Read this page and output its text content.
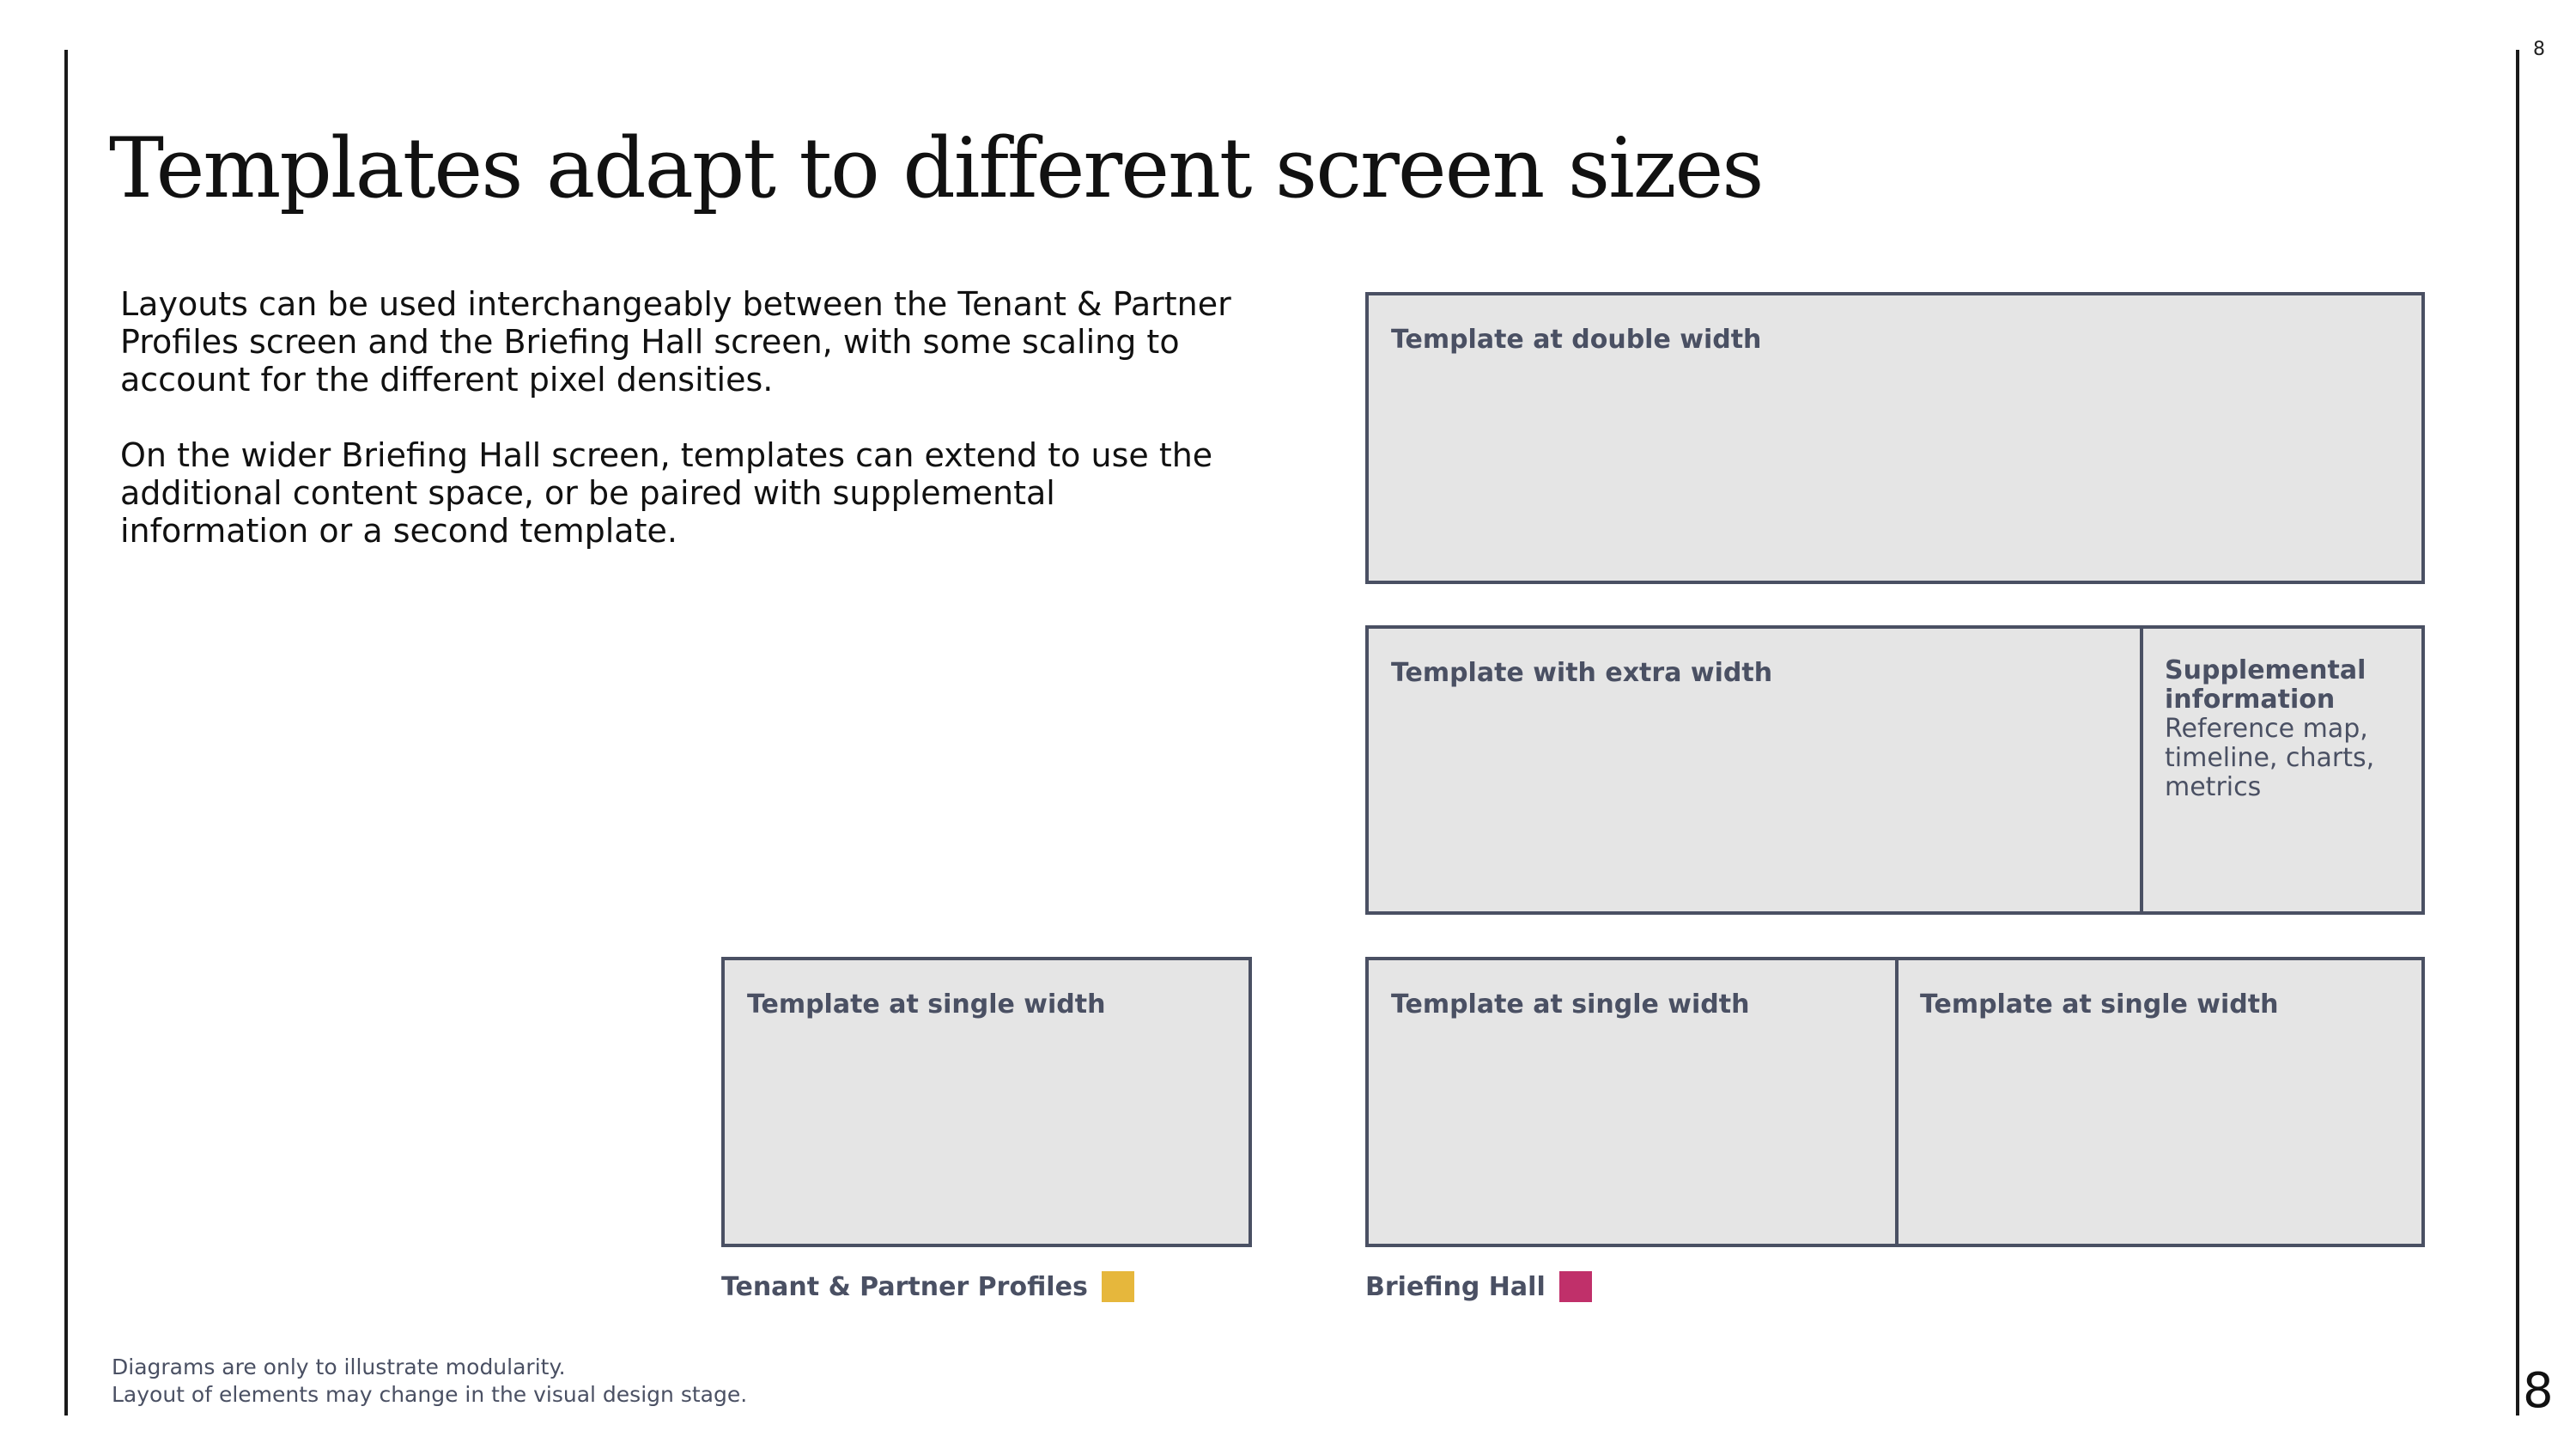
8
8
Templates adapt to different screen sizes

Layouts can be used interchangeably between the Tenant & Partner Profiles screen and the Briefing Hall screen, with some scaling to account for the different pixel densities.

On the wider Briefing Hall screen, templates can extend to use the additional content space, or be paired with supplemental information or a second template.

Template at double width
Template with extra width	Supplemental information
Reference map, timeline, charts, metrics
Template at single width	Template at single width	Template at single width
Tenant & Partner Profiles	Briefing Hall
Diagrams are only to illustrate modularity.
Layout of elements may change in the visual design stage.
